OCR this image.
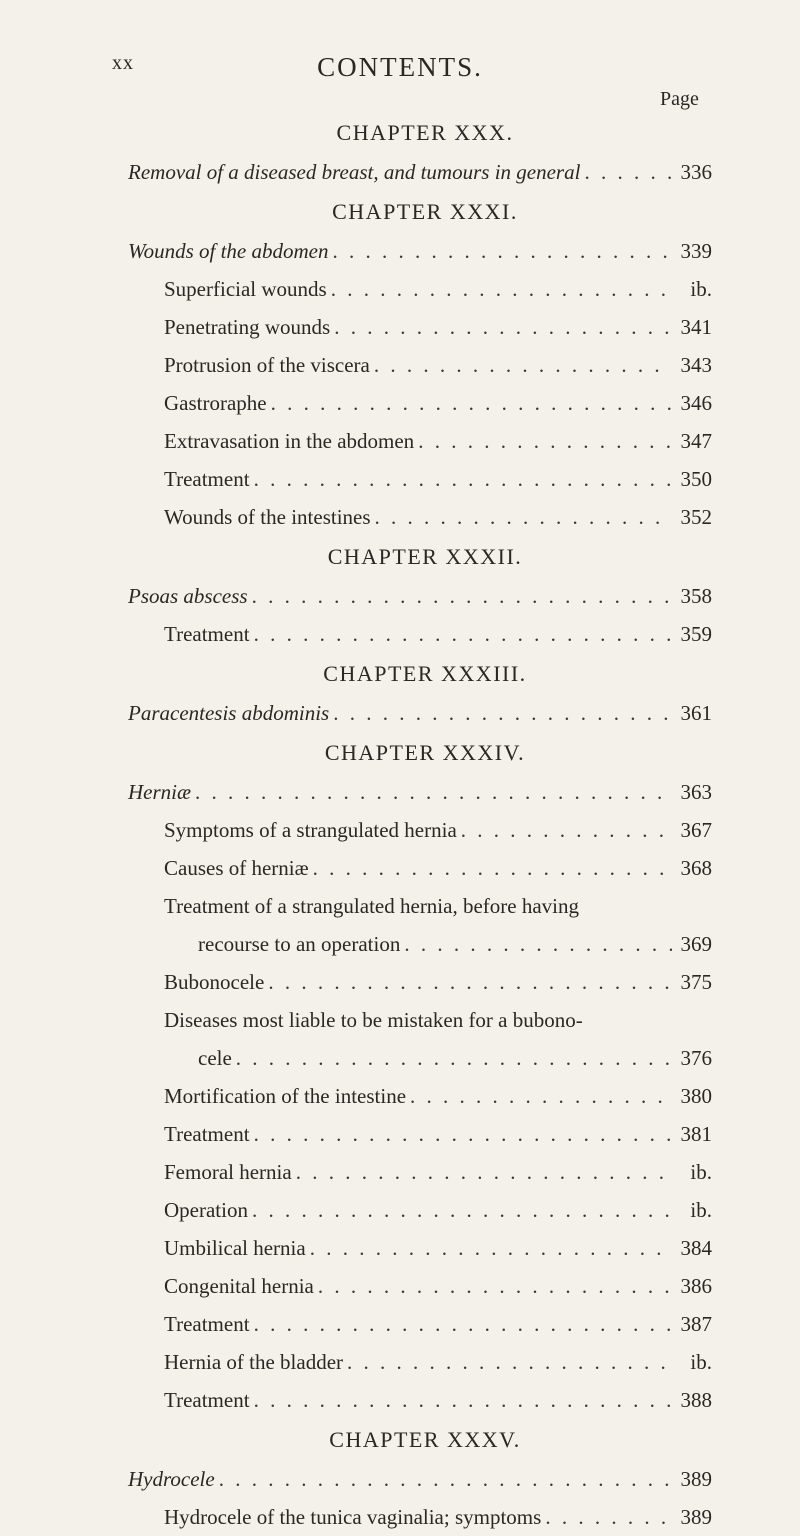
xx	CONTENTS.
Page
CHAPTER XXX.
Removal of a diseased breast, and tumours in general . . .	336
CHAPTER XXXI.
Wounds of the abdomen . . .	339
Superficial wounds . . .	ib.
Penetrating wounds . . .	341
Protrusion of the viscera . . .	343
Gastroraphe . . .	346
Extravasation in the abdomen . . .	347
Treatment . . .	350
Wounds of the intestines . . .	352
CHAPTER XXXII.
Psoas abscess . . .	358
Treatment . . .	359
CHAPTER XXXIII.
Paracentesis abdominis . . .	361
CHAPTER XXXIV.
Herniæ . . .	363
Symptoms of a strangulated hernia . . .	367
Causes of herniæ . . .	368
Treatment of a strangulated hernia, before having
recourse to an operation . . .	369
Bubonocele . . .	375
Diseases most liable to be mistaken for a bubono-
cele . . .	376
Mortification of the intestine . . .	380
Treatment . . .	381
Femoral hernia . . .	ib.
Operation . . .	ib.
Umbilical hernia . . .	384
Congenital hernia . . .	386
Treatment . . .	387
Hernia of the bladder . . .	ib.
Treatment . . .	388
CHAPTER XXXV.
Hydrocele . . .	389
Hydrocele of the tunica vaginalia; symptoms . . .	389
